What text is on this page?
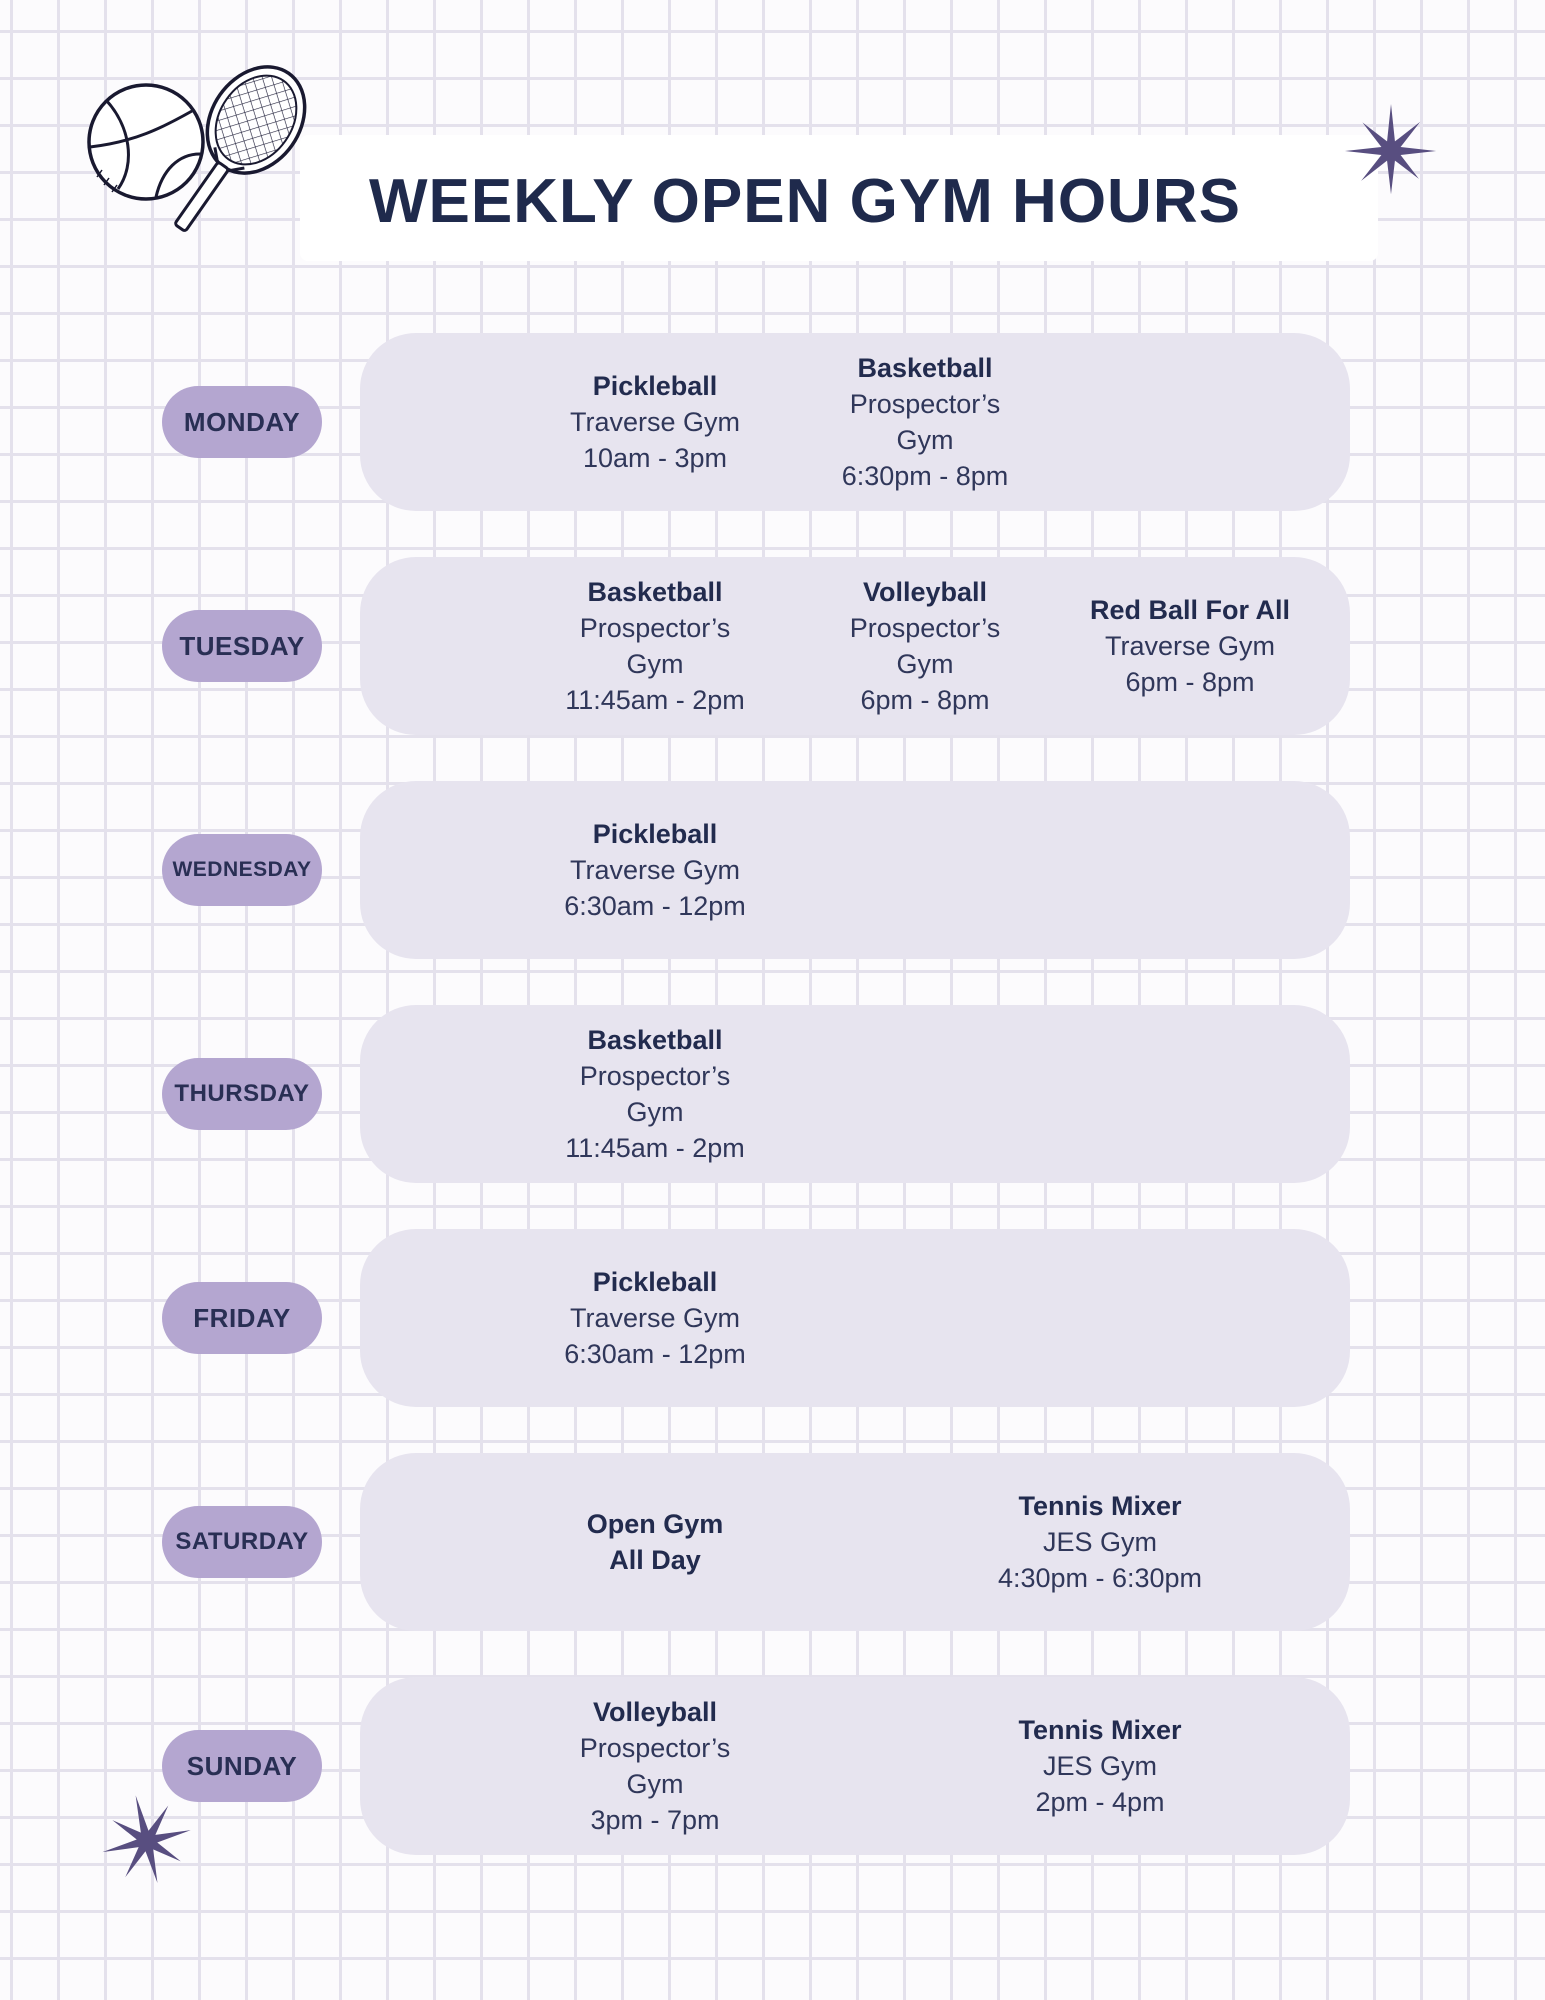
WEEKLY OPEN GYM HOURS
Pickleball
Traverse Gym
10am - 3pm
Basketball
Prospector’s
Gym
6:30pm - 8pm
MONDAY
Basketball
Prospector’s
Gym
11:45am - 2pm
Volleyball
Prospector’s
Gym
6pm - 8pm
Red Ball For All
Traverse Gym
6pm - 8pm
TUESDAY
Pickleball
Traverse Gym
6:30am - 12pm
WEDNESDAY
Basketball
Prospector’s
Gym
11:45am - 2pm
THURSDAY
Pickleball
Traverse Gym
6:30am - 12pm
FRIDAY
Open Gym
All Day
Tennis Mixer
JES Gym
4:30pm - 6:30pm
SATURDAY
Volleyball
Prospector’s
Gym
3pm - 7pm
Tennis Mixer
JES Gym
2pm - 4pm
SUNDAY
